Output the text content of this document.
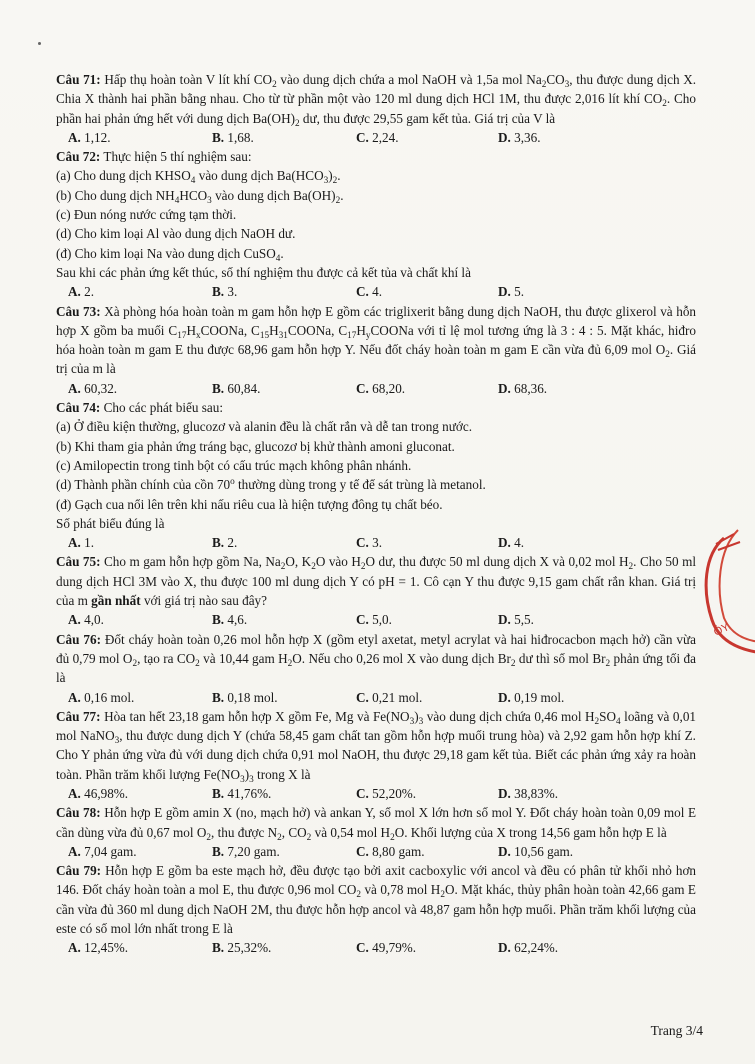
Câu 71: Hấp thụ hoàn toàn V lít khí $CO_2$ vào dung dịch chứa a mol NaOH và 1,5a mol $Na_2CO_3$, thu được dung dịch X. Chia X thành hai phần bằng nhau. Cho từ từ phần một vào 120 ml dung dịch HCl 1M, thu được 2,016 lít khí $CO_2$. Cho phần hai phản ứng hết với dung dịch $Ba(OH)_2$ dư, thu được 29,55 gam kết tủa. Giá trị của V là

A. 1,12.	B. 1,68.	C. 2,24.	D. 3,36.

Câu 72: Thực hiện 5 thí nghiệm sau:

(a) Cho dung dịch $KHSO_4$ vào dung dịch $Ba(HCO_3)_2$.

(b) Cho dung dịch $NH_4HCO_3$ vào dung dịch $Ba(OH)_2$.

(c) Đun nóng nước cứng tạm thời.

(d) Cho kim loại Al vào dung dịch NaOH dư.

(đ) Cho kim loại Na vào dung dịch CuSO$_4$.

Sau khi các phản ứng kết thúc, số thí nghiệm thu được cả kết tủa và chất khí là

A. 2.	B. 3.	C. 4.	D. 5.

Câu 73: Xà phòng hóa hoàn toàn m gam hỗn hợp E gồm các triglixerit bằng dung dịch NaOH, thu được glixerol và hỗn hợp X gồm ba muối $C_{17}H_xCOONa$, $C_{15}H_{31}COONa$, $C_{17}H_yCOONa$ với tỉ lệ mol tương ứng là 3 : 4 : 5. Mặt khác, hiđro hóa hoàn toàn m gam E thu được 68,96 gam hỗn hợp Y. Nếu đốt cháy hoàn toàn m gam E cần vừa đủ 6,09 mol $O_2$. Giá trị của m là

A. 60,32.	B. 60,84.	C. 68,20.	D. 68,36.

Câu 74: Cho các phát biểu sau:

(a) Ở điều kiện thường, glucozơ và alanin đều là chất rắn và dễ tan trong nước.

(b) Khi tham gia phản ứng tráng bạc, glucozơ bị khử thành amoni gluconat.

(c) Amilopectin trong tinh bột có cấu trúc mạch không phân nhánh.

(d) Thành phần chính của cồn 70$^o$ thường dùng trong y tế để sát trùng là metanol.

(đ) Gạch cua nổi lên trên khi nấu riêu cua là hiện tượng đông tụ chất béo.

Số phát biểu đúng là

A. 1.	B. 2.	C. 3.	D. 4.

Câu 75: Cho m gam hỗn hợp gồm Na, $Na_2O$, $K_2O$ vào $H_2O$ dư, thu được 50 ml dung dịch X và 0,02 mol $H_2$. Cho 50 ml dung dịch HCl 3M vào X, thu được 100 ml dung dịch Y có pH = 1. Cô cạn Y thu được 9,15 gam chất rắn khan. Giá trị của m gần nhất với giá trị nào sau đây?

A. 4,0.	B. 4,6.	C. 5,0.	D. 5,5.

Câu 76: Đốt cháy hoàn toàn 0,26 mol hỗn hợp X (gồm etyl axetat, metyl acrylat và hai hiđrocacbon mạch hở) cần vừa đủ 0,79 mol $O_2$, tạo ra $CO_2$ và 10,44 gam $H_2O$. Nếu cho 0,26 mol X vào dung dịch $Br_2$ dư thì số mol $Br_2$ phản ứng tối đa là

A. 0,16 mol.	B. 0,18 mol.	C. 0,21 mol.	D. 0,19 mol.

Câu 77: Hòa tan hết 23,18 gam hỗn hợp X gồm Fe, Mg và $Fe(NO_3)_3$ vào dung dịch chứa 0,46 mol $H_2SO_4$ loãng và 0,01 mol NaNO$_3$, thu được dung dịch Y (chứa 58,45 gam chất tan gồm hỗn hợp muối trung hòa) và 2,92 gam hỗn hợp khí Z. Cho Y phản ứng vừa đủ với dung dịch chứa 0,91 mol NaOH, thu được 29,18 gam kết tủa. Biết các phản ứng xảy ra hoàn toàn. Phần trăm khối lượng $Fe(NO_3)_3$ trong X là

A. 46,98%.	B. 41,76%.	C. 52,20%.	D. 38,83%.

Câu 78: Hỗn hợp E gồm amin X (no, mạch hở) và ankan Y, số mol X lớn hơn số mol Y. Đốt cháy hoàn toàn 0,09 mol E cần dùng vừa đủ 0,67 mol $O_2$, thu được $N_2$, $CO_2$ và 0,54 mol $H_2O$. Khối lượng của X trong 14,56 gam hỗn hợp E là

A. 7,04 gam.	B. 7,20 gam.	C. 8,80 gam.	D. 10,56 gam.

Câu 79: Hỗn hợp E gồm ba este mạch hở, đều được tạo bởi axit cacboxylic với ancol và đều có phân tử khối nhỏ hơn 146. Đốt cháy hoàn toàn a mol E, thu được 0,96 mol $CO_2$ và 0,78 mol $H_2O$. Mặt khác, thủy phân hoàn toàn 42,66 gam E cần vừa đủ 360 ml dung dịch NaOH 2M, thu được hỗn hợp ancol và 48,87 gam hỗn hợp muối. Phần trăm khối lượng của este có số mol lớn nhất trong E là

A. 12,45%.	B. 25,32%.	C. 49,79%.	D. 62,24%.
ÓY
Trang 3/4
